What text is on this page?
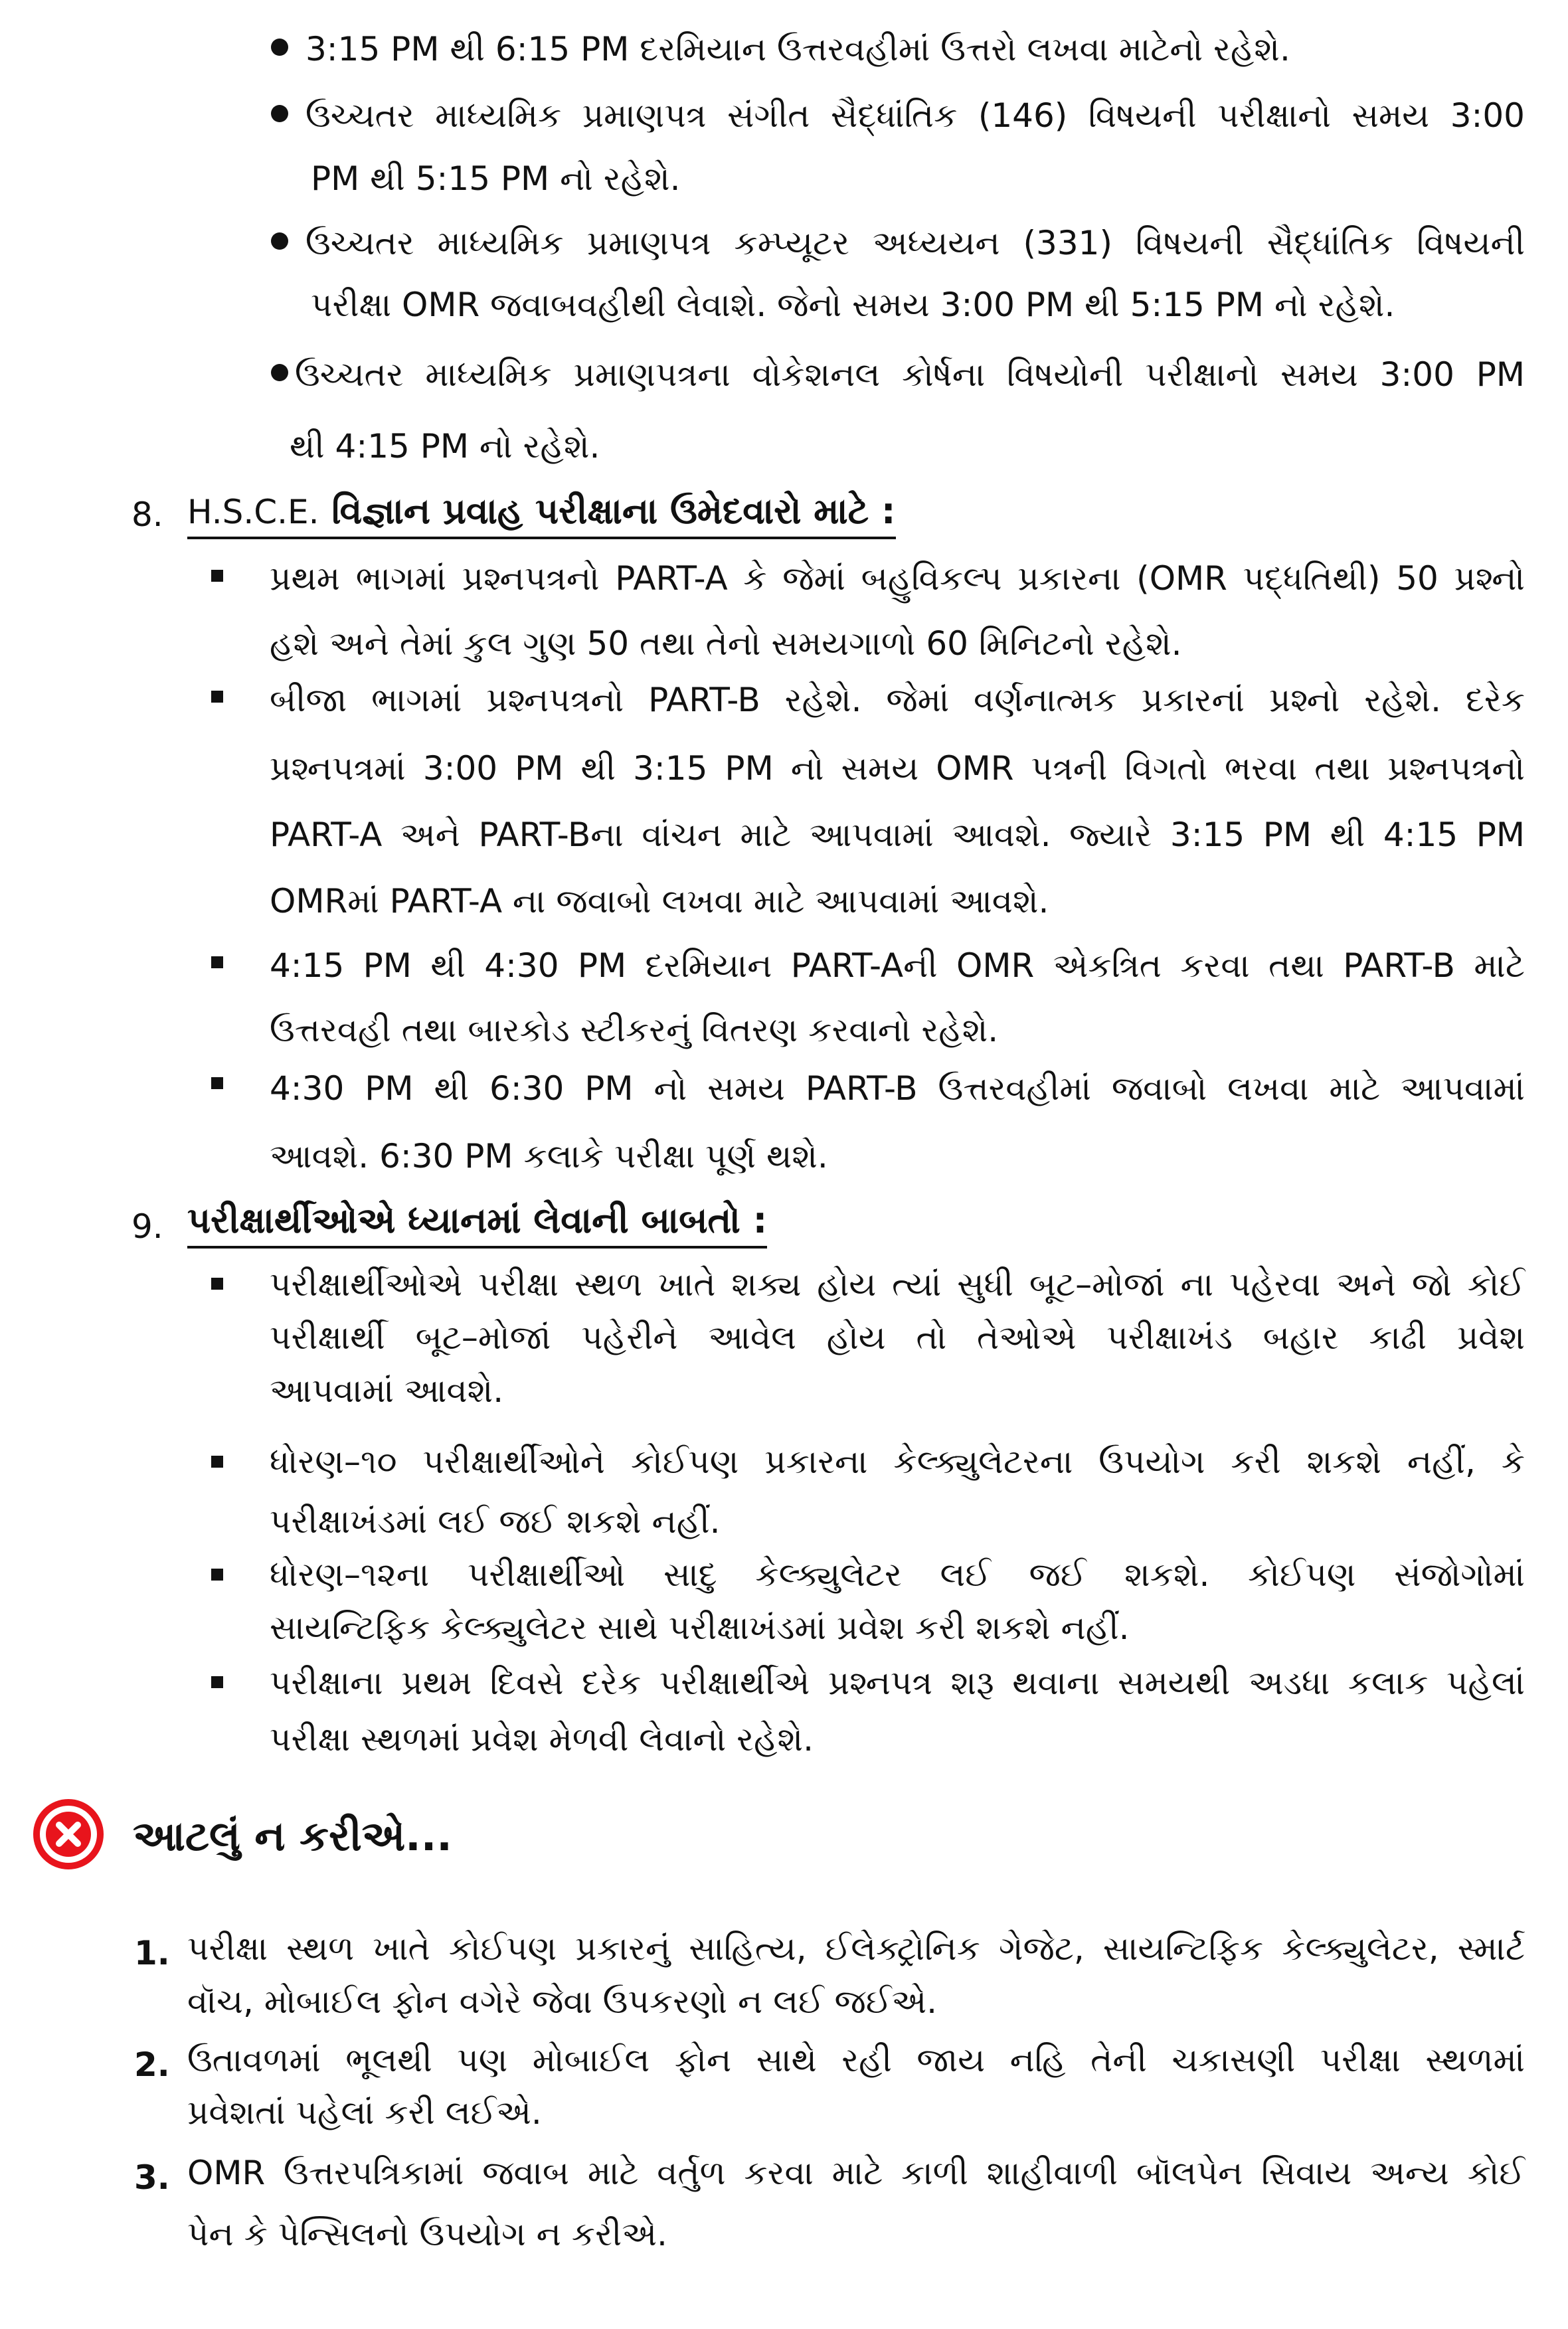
3:15 PM થી 6:15 PM દરમિયાન ઉત્તરવહીમાં ઉત્તરો લખવા માટેનો રહેશે.
ઉચ્ચતર માધ્યમિક પ્રમાણપત્ર સંગીત સૈદ્ધાંતિક (146) વિષયની પરીક્ષાનો સમય 3:00
PM થી 5:15 PM નો રહેશે.
ઉચ્ચતર માધ્યમિક પ્રમાણપત્ર કમ્પ્યૂટર અધ્યયન (331) વિષયની સૈદ્ધાંતિક વિષયની
પરીક્ષા OMR જવાબવહીથી લેવાશે. જેનો સમય 3:00 PM થી 5:15 PM નો રહેશે.
ઉચ્ચતર માધ્યમિક પ્રમાણપત્રના વોકેશનલ કોર્ષના વિષયોની પરીક્ષાનો સમય 3:00 PM
થી 4:15 PM નો રહેશે.
8. H.S.C.E. વિજ્ઞાન પ્રવાહ પરીક્ષાના ઉમેદવારો માટે :
પ્રથમ ભાગમાં પ્રશ્નપત્રનો PART-A કે જેમાં બહુવિકલ્પ પ્રકારના (OMR પદ્ધતિથી) 50 પ્રશ્નો
હશે અને તેમાં કુલ ગુણ 50 તથા તેનો સમયગાળો 60 મિનિટનો રહેશે.
બીજા ભાગમાં પ્રશ્નપત્રનો PART-B રહેશે. જેમાં વર્ણનાત્મક પ્રકારનાં પ્રશ્નો રહેશે. દરેક
પ્રશ્નપત્રમાં 3:00 PM થી 3:15 PM નો સમય OMR પત્રની વિગતો ભરવા તથા પ્રશ્નપત્રનો
PART-A અને PART-Bના વાંચન માટે આપવામાં આવશે. જ્યારે 3:15 PM થી 4:15 PM
OMRમાં PART-A ના જવાબો લખવા માટે આપવામાં આવશે.
4:15 PM થી 4:30 PM દરમિયાન PART-Aની OMR એકત્રિત કરવા તથા PART-B માટે
ઉત્તરવહી તથા બારકોડ સ્ટીકરનું વિતરણ કરવાનો રહેશે.
4:30 PM થી 6:30 PM નો સમય PART-B ઉત્તરવહીમાં જવાબો લખવા માટે આપવામાં
આવશે. 6:30 PM કલાકે પરીક્ષા પૂર્ણ થશે.
9. પરીક્ષાર્થીઓએ ધ્યાનમાં લેવાની બાબતો :
પરીક્ષાર્થીઓએ પરીક્ષા સ્થળ ખાતે શક્ય હોય ત્યાં સુધી બૂટ–મોજાં ના પહેરવા અને જો કોઈ
પરીક્ષાર્થી બૂટ–મોજાં પહેરીને આવેલ હોય તો તેઓએ પરીક્ષાખંડ બહાર કાઢી પ્રવેશ
આપવામાં આવશે.
ધોરણ–૧૦ પરીક્ષાર્થીઓને કોઈપણ પ્રકારના કેલ્ક્યુલેટરના ઉપયોગ કરી શકશે નહીં, કે
પરીક્ષાખંડમાં લઈ જઈ શકશે નહીં.
ધોરણ–૧૨ના પરીક્ષાર્થીઓ સાદુ કેલ્ક્યુલેટર લઈ જઈ શકશે. કોઈપણ સંજોગોમાં
સાયન્ટિફિક કેલ્ક્યુલેટર સાથે પરીક્ષાખંડમાં પ્રવેશ કરી શકશે નહીં.
પરીક્ષાના પ્રથમ દિવસે દરેક પરીક્ષાર્થીએ પ્રશ્નપત્ર શરૂ થવાના સમયથી અડધા કલાક પહેલાં
પરીક્ષા સ્થળમાં પ્રવેશ મેળવી લેવાનો રહેશે.
આટલું ન કરીએ...
1. પરીક્ષા સ્થળ ખાતે કોઈપણ પ્રકારનું સાહિત્ય, ઈલેક્ટ્રોનિક ગેજેટ, સાયન્ટિફિક કેલ્ક્યુલેટર, સ્માર્ટ
વૉચ, મોબાઈલ ફોન વગેરે જેવા ઉપકરણો ન લઈ જઈએ.
2. ઉતાવળમાં ભૂલથી પણ મોબાઈલ ફોન સાથે રહી જાય નહિ તેની ચકાસણી પરીક્ષા સ્થળમાં
પ્રવેશતાં પહેલાં કરી લઈએ.
3. OMR ઉત્તરપત્રિકામાં જવાબ માટે વર્તુળ કરવા માટે કાળી શાહીવાળી બૉલપેન સિવાય અન્ય કોઈ
પેન કે પેન્સિલનો ઉપયોગ ન કરીએ.
